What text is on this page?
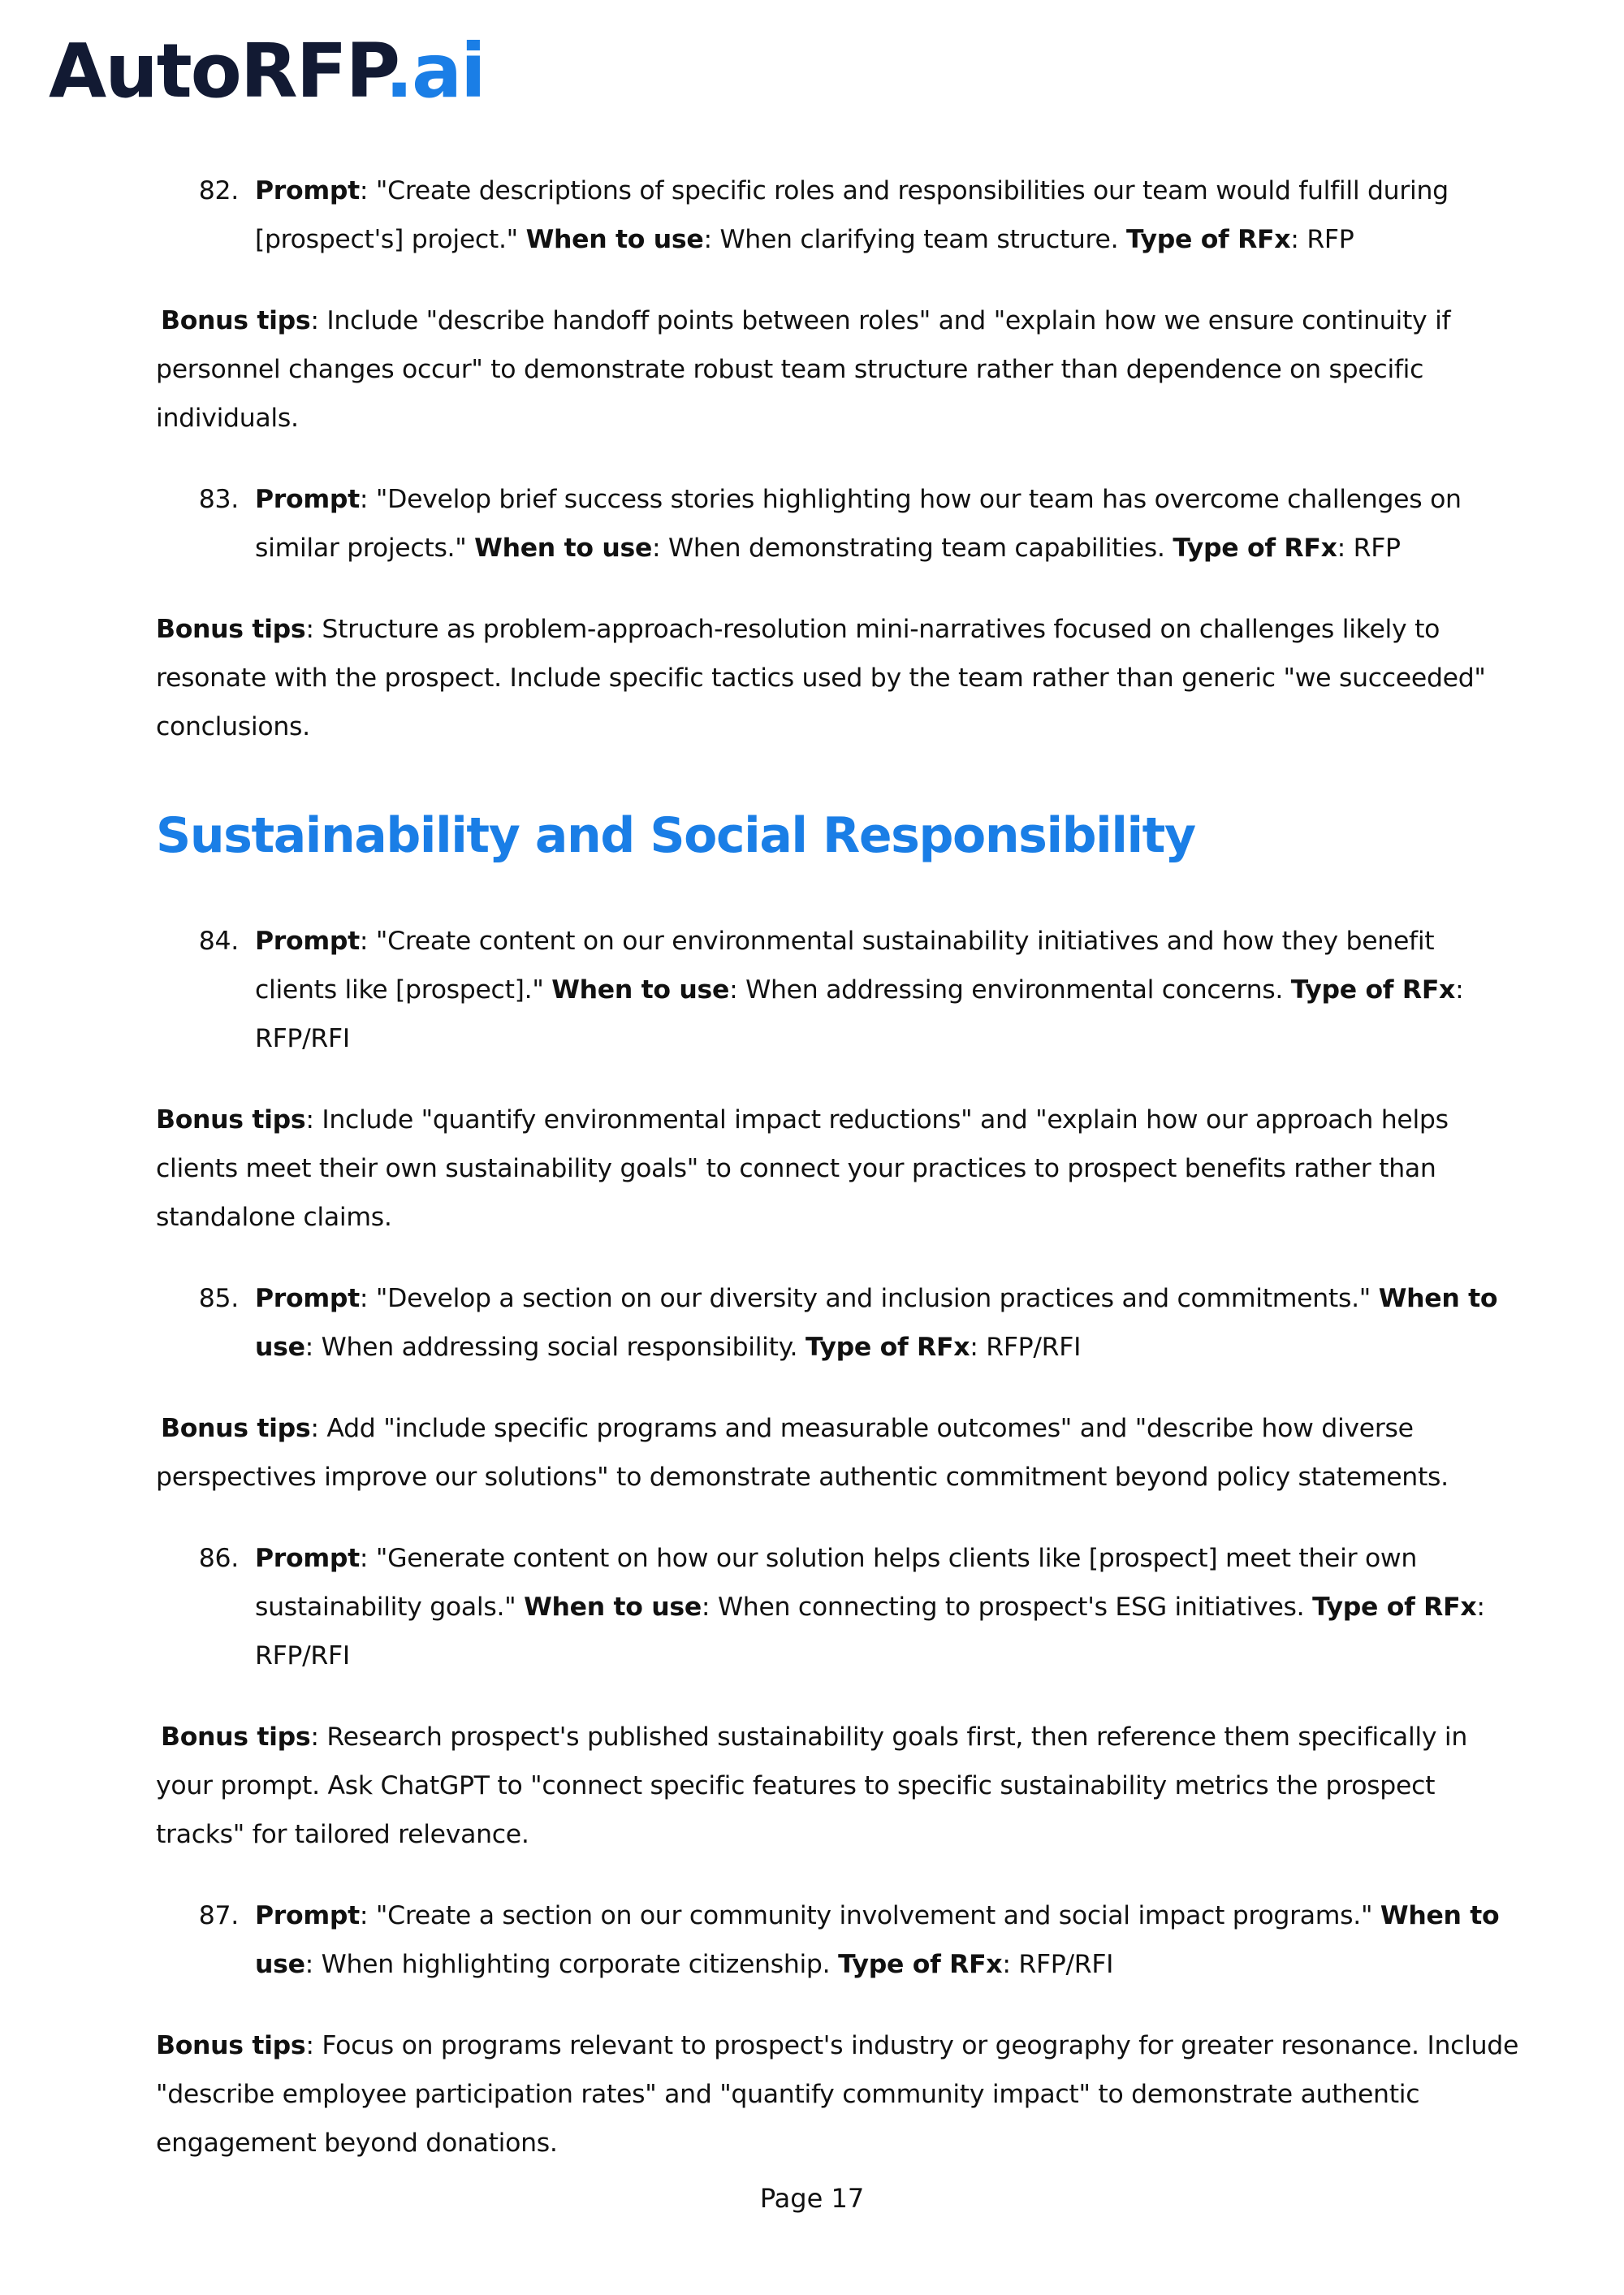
AutoRFP.ai
82. Prompt: "Create descriptions of specific roles and responsibilities our team would fulfill during [prospect's] project." When to use: When clarifying team structure. Type of RFx: RFP

Bonus tips: Include "describe handoff points between roles" and "explain how we ensure continuity if personnel changes occur" to demonstrate robust team structure rather than dependence on specific individuals.

83. Prompt: "Develop brief success stories highlighting how our team has overcome challenges on similar projects." When to use: When demonstrating team capabilities. Type of RFx: RFP

Bonus tips: Structure as problem-approach-resolution mini-narratives focused on challenges likely to resonate with the prospect. Include specific tactics used by the team rather than generic "we succeeded" conclusions.

Sustainability and Social Responsibility
84. Prompt: "Create content on our environmental sustainability initiatives and how they benefit clients like [prospect]." When to use: When addressing environmental concerns. Type of RFx: RFP/RFI

Bonus tips: Include "quantify environmental impact reductions" and "explain how our approach helps clients meet their own sustainability goals" to connect your practices to prospect benefits rather than standalone claims.

85. Prompt: "Develop a section on our diversity and inclusion practices and commitments." When to use: When addressing social responsibility. Type of RFx: RFP/RFI

Bonus tips: Add "include specific programs and measurable outcomes" and "describe how diverse perspectives improve our solutions" to demonstrate authentic commitment beyond policy statements.

86. Prompt: "Generate content on how our solution helps clients like [prospect] meet their own sustainability goals." When to use: When connecting to prospect's ESG initiatives. Type of RFx: RFP/RFI

Bonus tips: Research prospect's published sustainability goals first, then reference them specifically in your prompt. Ask ChatGPT to "connect specific features to specific sustainability metrics the prospect tracks" for tailored relevance.

87. Prompt: "Create a section on our community involvement and social impact programs." When to use: When highlighting corporate citizenship. Type of RFx: RFP/RFI

Bonus tips: Focus on programs relevant to prospect's industry or geography for greater resonance. Include "describe employee participation rates" and "quantify community impact" to demonstrate authentic engagement beyond donations.

Page 17
